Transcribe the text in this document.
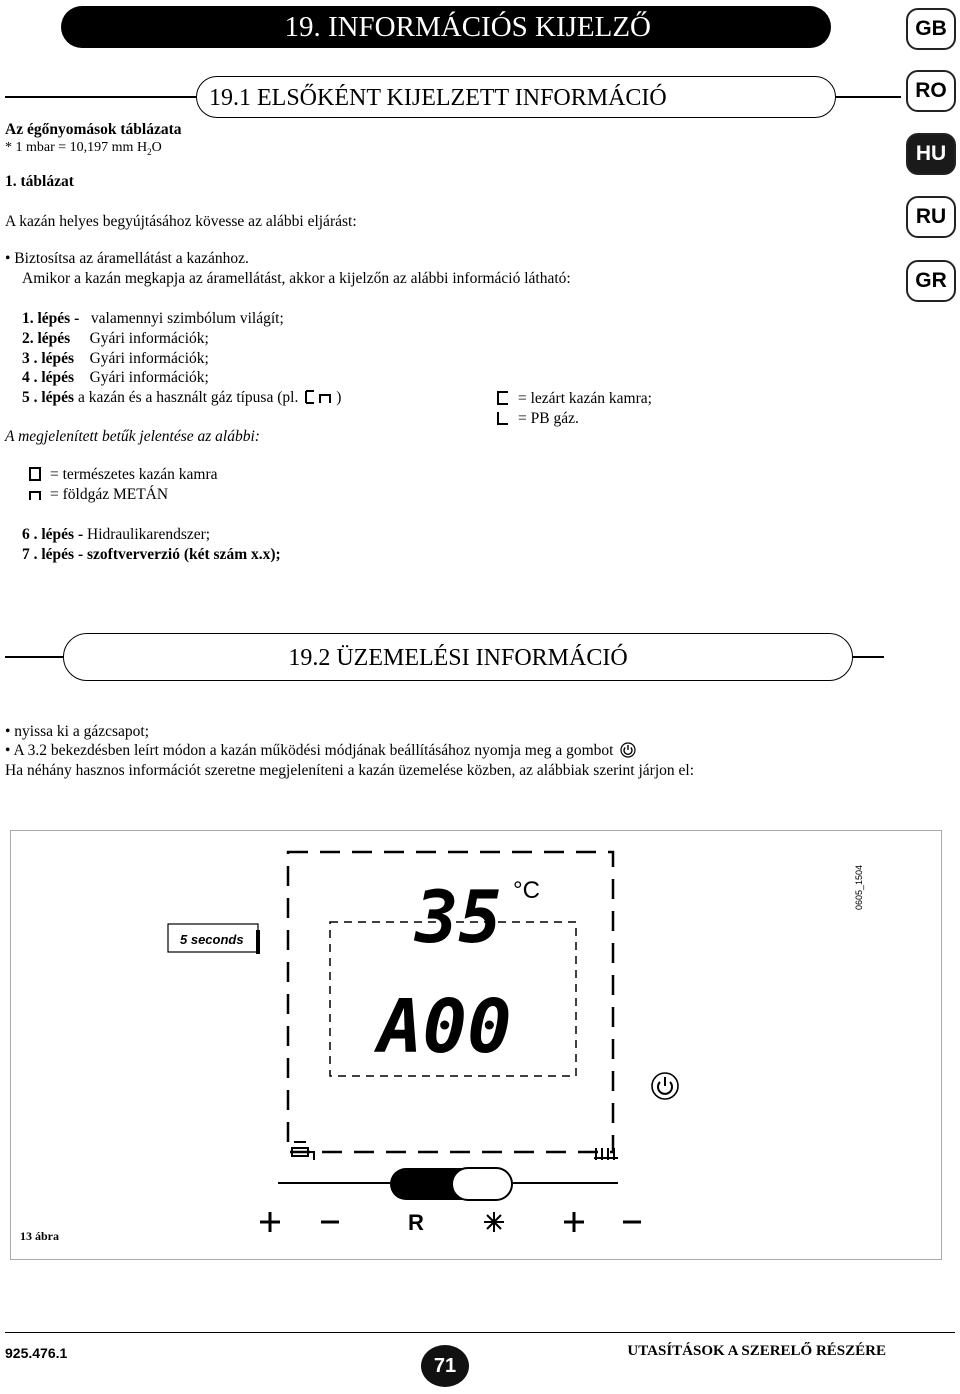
19. INFORMÁCIÓS KIJELZŐ
19.1 ELSŐKÉNT KIJELZETT INFORMÁCIÓ
GB
RO
HU
RU
GR
Az égőnyomások táblázata
* 1 mbar = 10,197 mm $H_2O$
1. táblázat
A kazán helyes begyújtásához kövesse az alábbi eljárást:
• Biztosítsa az áramellátást a kazánhoz.
Amikor a kazán megkapja az áramellátást, akkor a kijelzőn az alábbi információ látható:
1. lépés - valamennyi szimbólum világít;
2. lépés Gyári információk;
3 . lépés Gyári információk;
4 . lépés Gyári információk;
5 . lépés a kazán és a használt gáz típusa (pl. )
A megjelenített betűk jelentése az alábbi:
= lezárt kazán kamra;
= PB gáz.
= természetes kazán kamra
= földgáz METÁN
6 . lépés - Hidraulikarendszer;
7 . lépés - szoftververzió (két szám x.x);
19.2 ÜZEMELÉSI INFORMÁCIÓ
• nyissa ki a gázcsapot;
• A 3.2 bekezdésben leírt módon a kazán működési módjának beállításához nyomja meg a gombot
Ha néhány hasznos információt szeretne megjeleníteni a kazán üzemelése közben, az alábbiak szerint járjon el:
5 seconds 35 °C
A00
R
0605_1504
13 ábra
925.476.1
71
UTASÍTÁSOK A SZERELŐ RÉSZÉRE
